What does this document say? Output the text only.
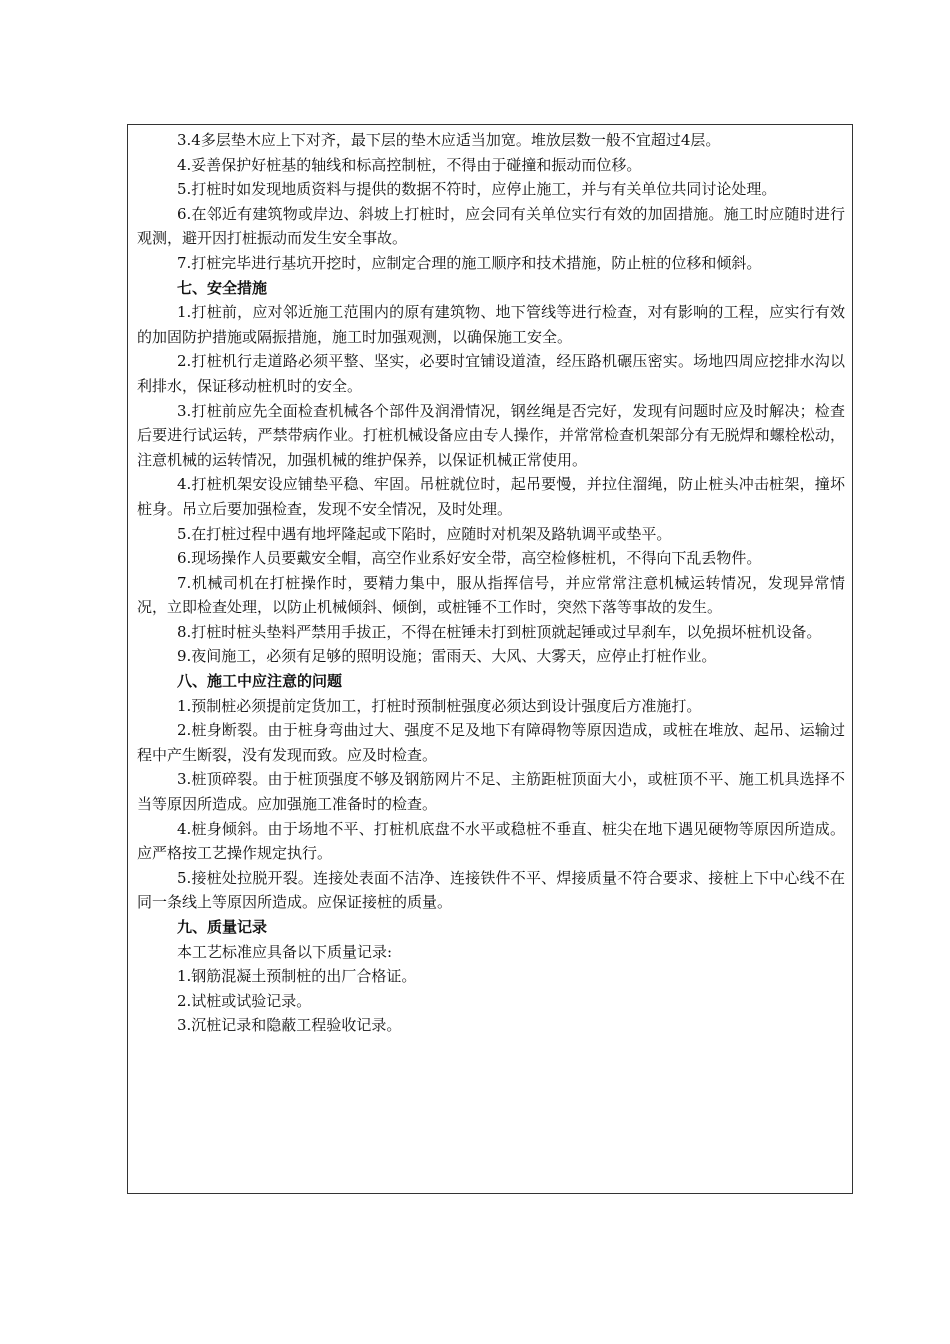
3.4多层垫木应上下对齐，最下层的垫木应适当加宽。堆放层数一般不宜超过4层。

4.妥善保护好桩基的轴线和标高控制桩，不得由于碰撞和振动而位移。

5.打桩时如发现地质资料与提供的数据不符时，应停止施工，并与有关单位共同讨论处理。

6.在邻近有建筑物或岸边、斜坡上打桩时，应会同有关单位实行有效的加固措施。施工时应随时进行观测，避开因打桩振动而发生安全事故。

7.打桩完毕进行基坑开挖时，应制定合理的施工顺序和技术措施，防止桩的位移和倾斜。

七、安全措施

1.打桩前，应对邻近施工范围内的原有建筑物、地下管线等进行检查，对有影响的工程，应实行有效的加固防护措施或隔振措施，施工时加强观测，以确保施工安全。

2.打桩机行走道路必须平整、坚实，必要时宜铺设道渣，经压路机碾压密实。场地四周应挖排水沟以利排水，保证移动桩机时的安全。

3.打桩前应先全面检查机械各个部件及润滑情况，钢丝绳是否完好，发现有问题时应及时解决；检查后要进行试运转，严禁带病作业。打桩机械设备应由专人操作，并常常检查机架部分有无脱焊和螺栓松动，注意机械的运转情况，加强机械的维护保养，以保证机械正常使用。

4.打桩机架安设应铺垫平稳、牢固。吊桩就位时，起吊要慢，并拉住溜绳，防止桩头冲击桩架，撞坏桩身。吊立后要加强检查，发现不安全情况，及时处理。

5.在打桩过程中遇有地坪隆起或下陷时，应随时对机架及路轨调平或垫平。

6.现场操作人员要戴安全帽，高空作业系好安全带，高空检修桩机，不得向下乱丢物件。

7.机械司机在打桩操作时，要精力集中，服从指挥信号，并应常常注意机械运转情况，发现异常情况，立即检查处理，以防止机械倾斜、倾倒，或桩锤不工作时，突然下落等事故的发生。

8.打桩时桩头垫料严禁用手拔正，不得在桩锤未打到桩顶就起锤或过早刹车，以免损坏桩机设备。

9.夜间施工，必须有足够的照明设施；雷雨天、大风、大雾天，应停止打桩作业。

八、施工中应注意的问题

1.预制桩必须提前定货加工，打桩时预制桩强度必须达到设计强度后方准施打。

2.桩身断裂。由于桩身弯曲过大、强度不足及地下有障碍物等原因造成，或桩在堆放、起吊、运输过程中产生断裂，没有发现而致。应及时检查。

3.桩顶碎裂。由于桩顶强度不够及钢筋网片不足、主筋距桩顶面大小，或桩顶不平、施工机具选择不当等原因所造成。应加强施工准备时的检查。

4.桩身倾斜。由于场地不平、打桩机底盘不水平或稳桩不垂直、桩尖在地下遇见硬物等原因所造成。应严格按工艺操作规定执行。

5.接桩处拉脱开裂。连接处表面不洁净、连接铁件不平、焊接质量不符合要求、接桩上下中心线不在同一条线上等原因所造成。应保证接桩的质量。

九、质量记录

本工艺标准应具备以下质量记录:

1.钢筋混凝土预制桩的出厂合格证。

2.试桩或试验记录。

3.沉桩记录和隐蔽工程验收记录。
